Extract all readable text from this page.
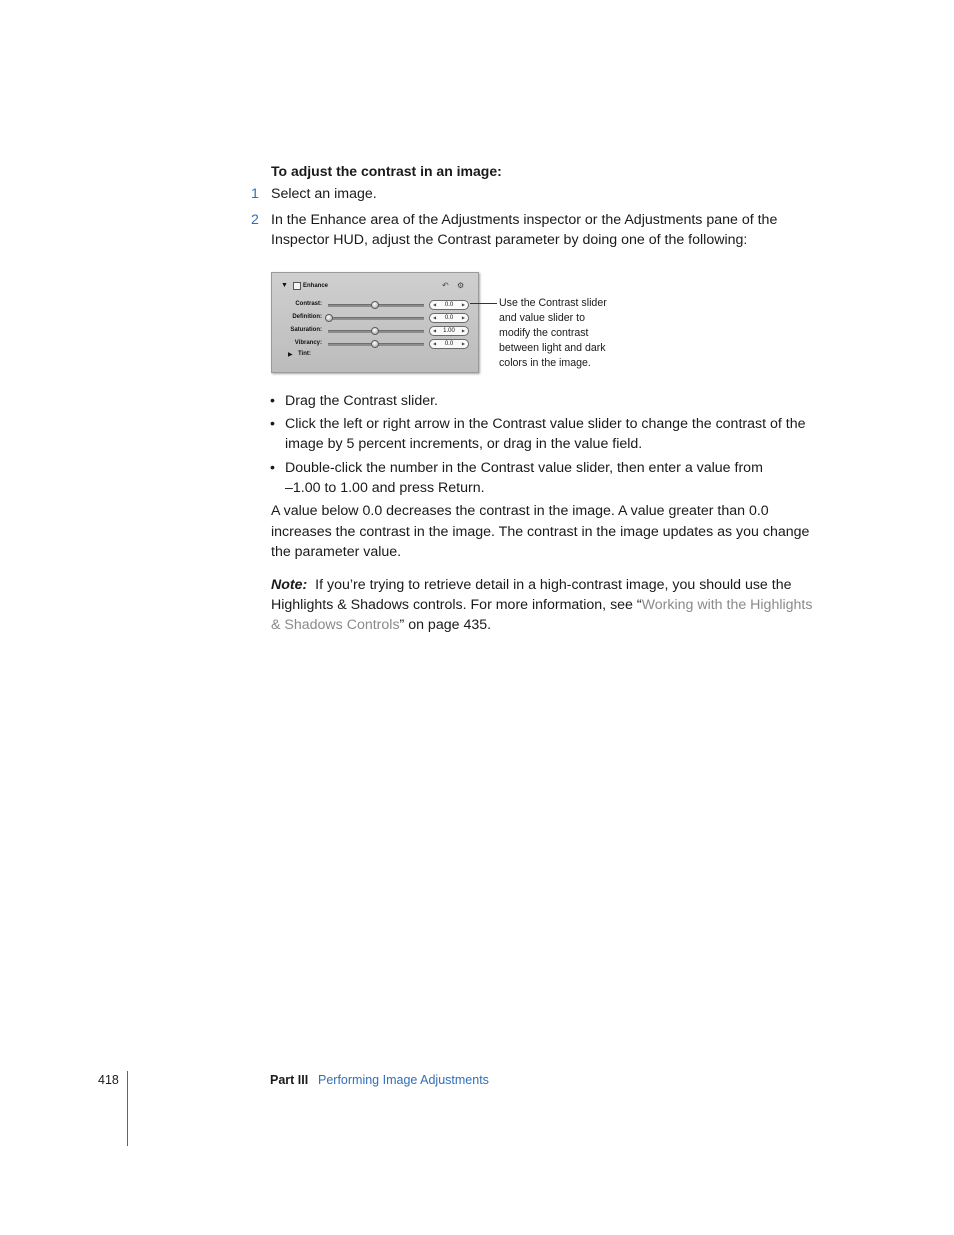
To adjust the contrast in an image:
1 Select an image.
2 In the Enhance area of the Adjustments inspector or the Adjustments pane of the
Inspector HUD, adjust the Contrast parameter by doing one of the following:
▼	Enhance	↶ ⚙
Contrast:	◀ 0.0 ▶
Definition:	◀ 0.0 ▶
Saturation:	◀ 1.00 ▶
Vibrancy:	◀ 0.0 ▶
▶ Tint:
Use the Contrast slider
and value slider to
modify the contrast
between light and dark
colors in the image.
• Drag the Contrast slider.
• Click the left or right arrow in the Contrast value slider to change the contrast of the
image by 5 percent increments, or drag in the value field.
• Double-click the number in the Contrast value slider, then enter a value from
–1.00 to 1.00 and press Return.
A value below 0.0 decreases the contrast in the image. A value greater than 0.0
increases the contrast in the image. The contrast in the image updates as you change
the parameter value.
Note: If you’re trying to retrieve detail in a high-contrast image, you should use the
Highlights & Shadows controls. For more information, see “Working with the Highlights
& Shadows Controls” on page 435.
418	Part III Performing Image Adjustments
